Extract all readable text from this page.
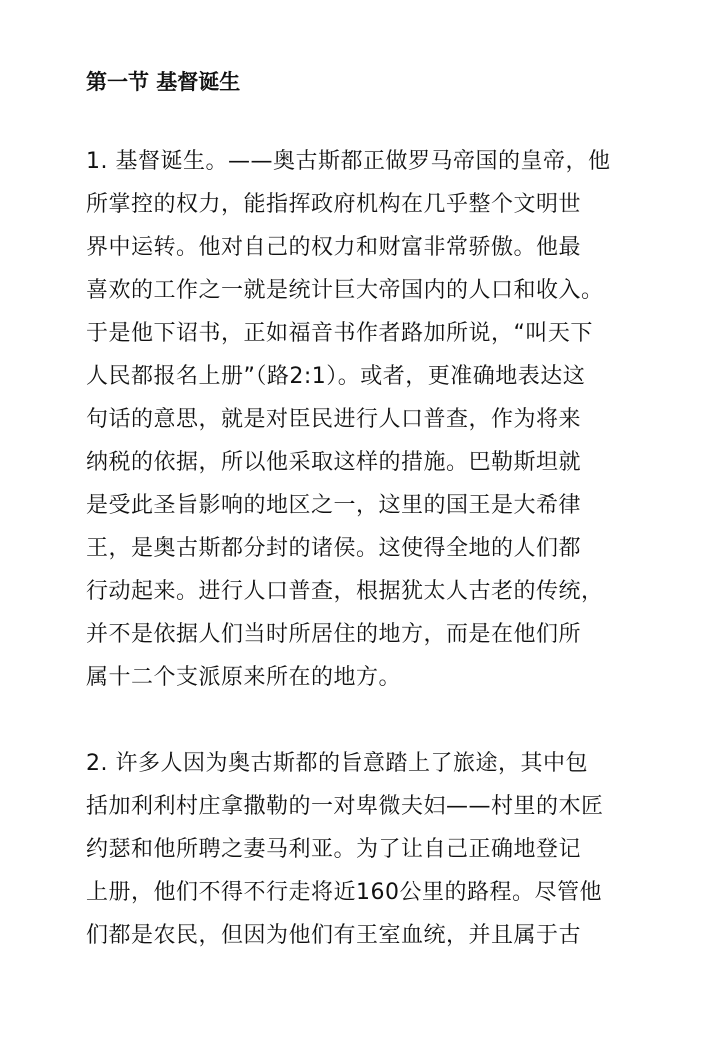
第一节 基督诞生

1. 基督诞生。——奥古斯都正做罗马帝国的皇帝，他
所掌控的权力，能指挥政府机构在几乎整个文明世
界中运转。他对自己的权力和财富非常骄傲。他最
喜欢的工作之一就是统计巨大帝国内的人口和收入。
于是他下诏书，正如福音书作者路加所说，“叫天下
人民都报名上册”（路2:1）。或者，更准确地表达这
句话的意思，就是对臣民进行人口普查，作为将来
纳税的依据，所以他采取这样的措施。巴勒斯坦就
是受此圣旨影响的地区之一，这里的国王是大希律
王，是奥古斯都分封的诸侯。这使得全地的人们都
行动起来。进行人口普查，根据犹太人古老的传统，
并不是依据人们当时所居住的地方，而是在他们所
属十二个支派原来所在的地方。

2. 许多人因为奥古斯都的旨意踏上了旅途，其中包
括加利利村庄拿撒勒的一对卑微夫妇——村里的木匠
约瑟和他所聘之妻马利亚。为了让自己正确地登记
上册，他们不得不行走将近160公里的路程。尽管他
们都是农民，但因为他们有王室血统，并且属于古
